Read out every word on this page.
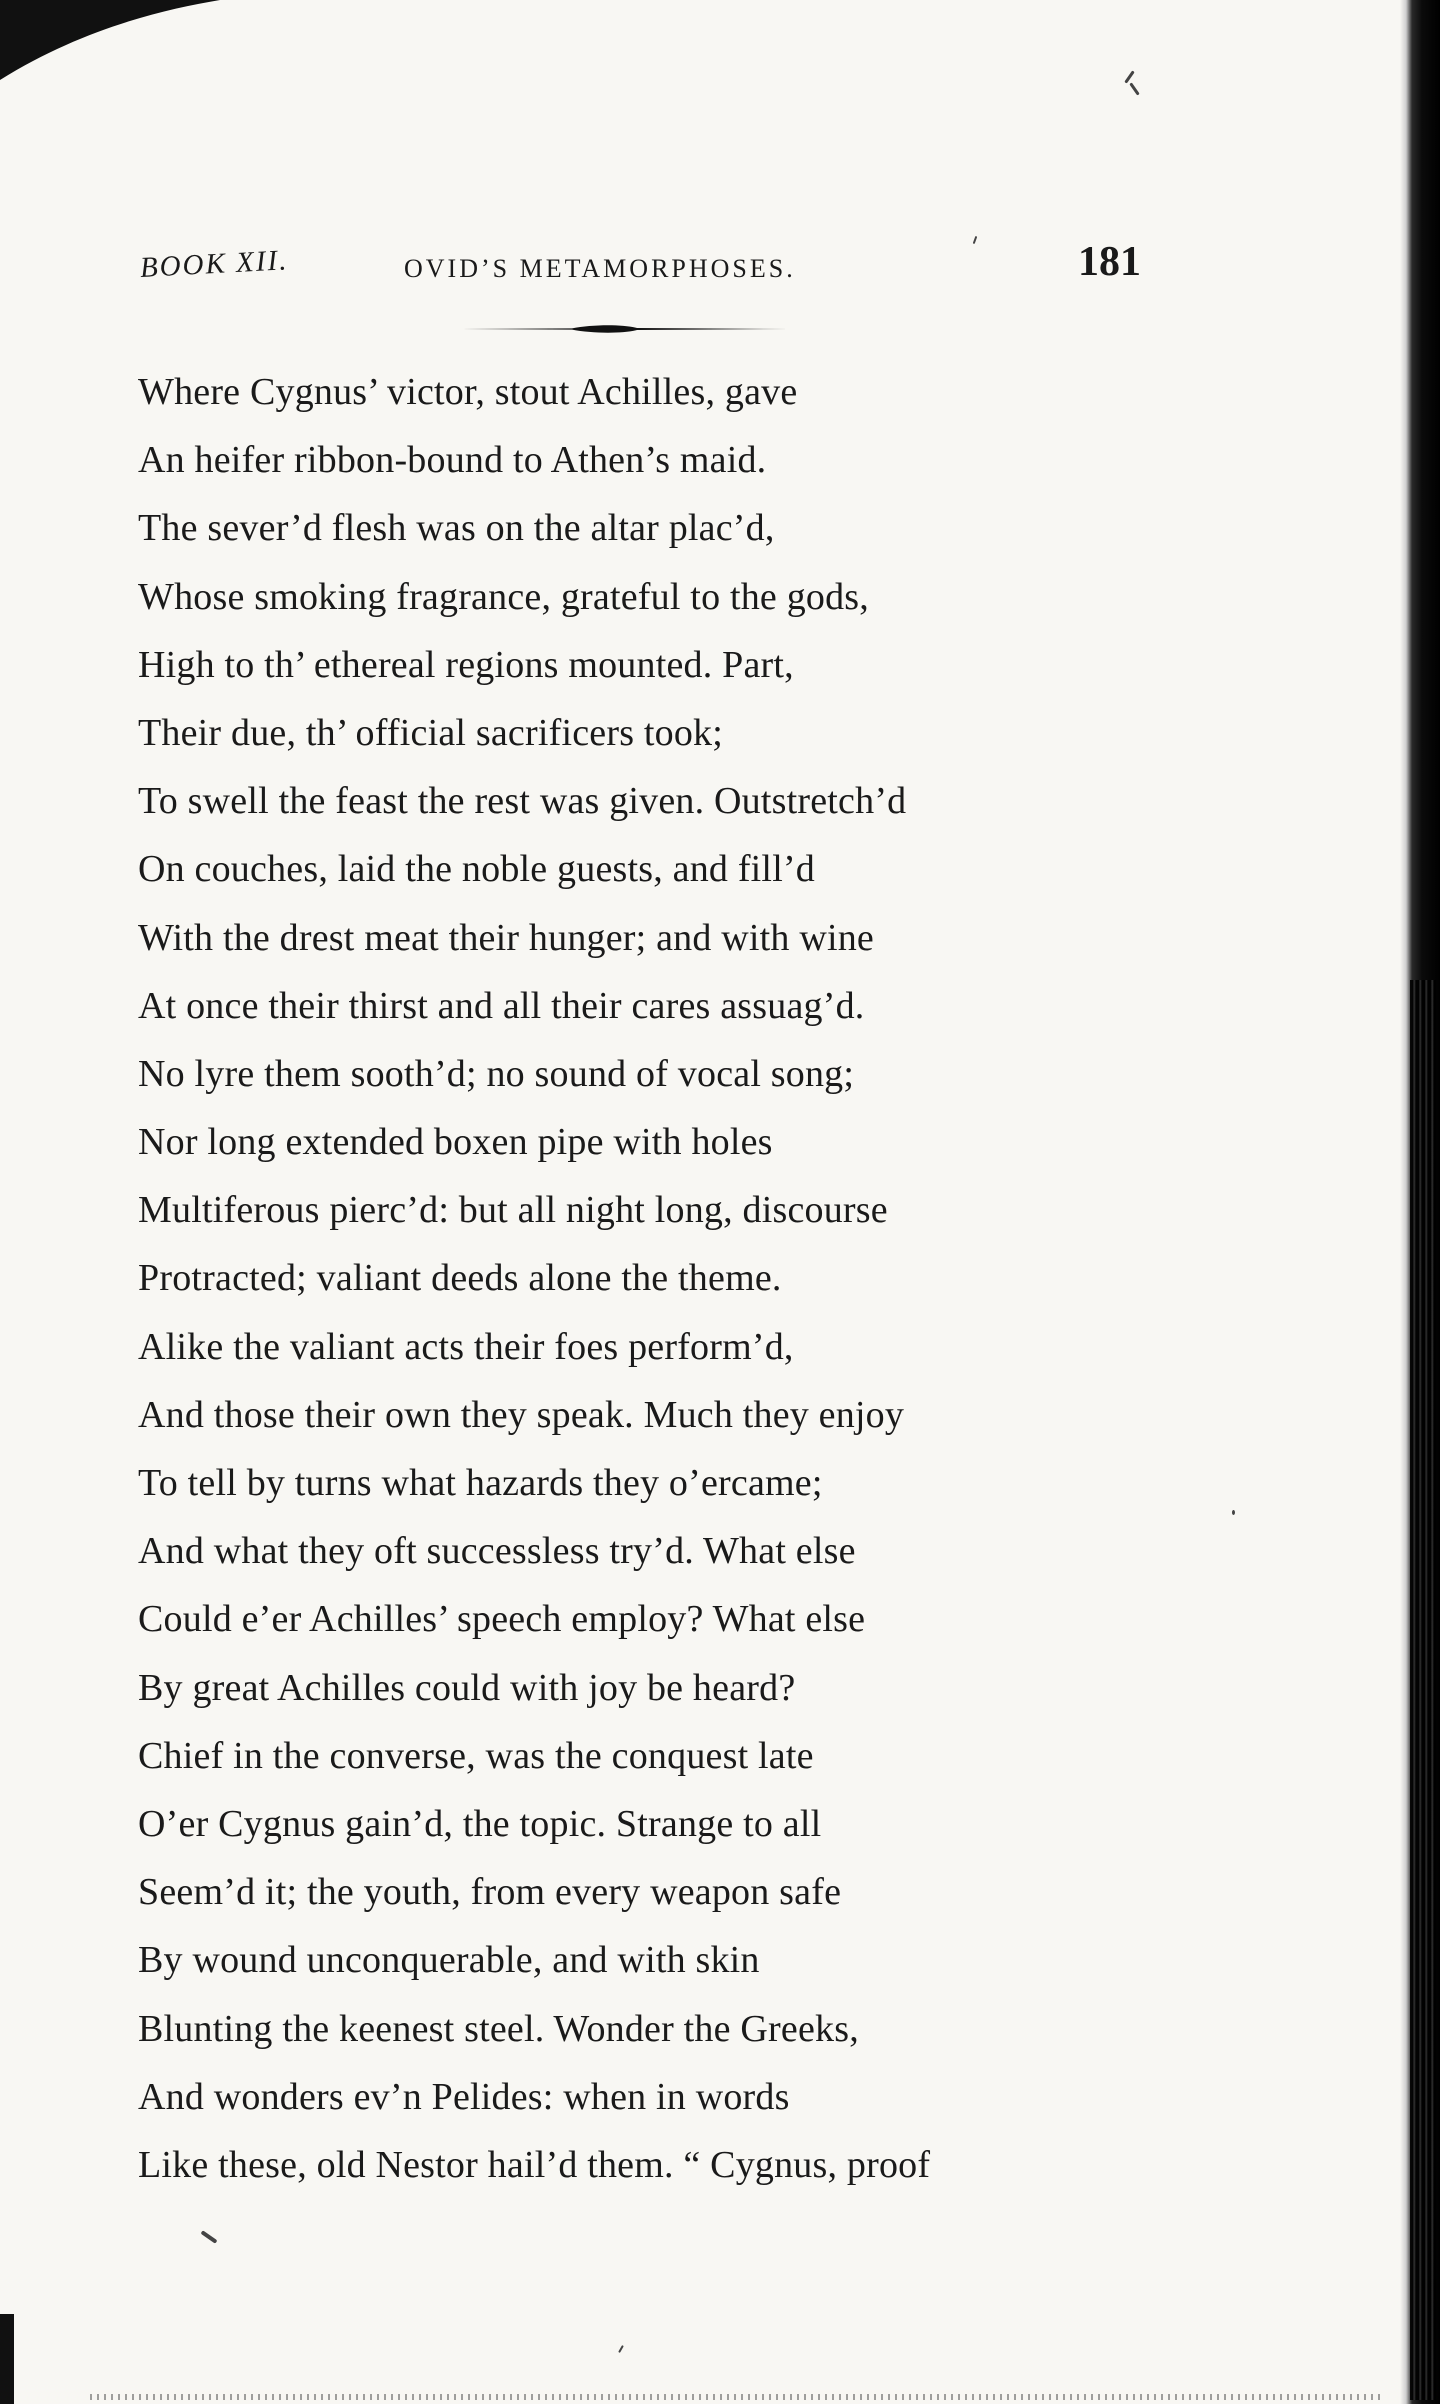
BOOK XII.	OVID’S METAMORPHOSES.	181
Where Cygnus’ victor, stout Achilles, gave
An heifer ribbon-bound to Athen’s maid.
The sever’d flesh was on the altar plac’d,
Whose smoking fragrance, grateful to the gods,
High to th’ ethereal regions mounted. Part,
Their due, th’ official sacrificers took;
To swell the feast the rest was given. Outstretch’d
On couches, laid the noble guests, and fill’d
With the drest meat their hunger; and with wine
At once their thirst and all their cares assuag’d.
No lyre them sooth’d; no sound of vocal song;
Nor long extended boxen pipe with holes
Multiferous pierc’d: but all night long, discourse
Protracted; valiant deeds alone the theme.
Alike the valiant acts their foes perform’d,
And those their own they speak. Much they enjoy
To tell by turns what hazards they o’ercame;
And what they oft successless try’d. What else
Could e’er Achilles’ speech employ? What else
By great Achilles could with joy be heard?
Chief in the converse, was the conquest late
O’er Cygnus gain’d, the topic. Strange to all
Seem’d it; the youth, from every weapon safe
By wound unconquerable, and with skin
Blunting the keenest steel. Wonder the Greeks,
And wonders ev’n Pelides: when in words
Like these, old Nestor hail’d them. “ Cygnus, proof
